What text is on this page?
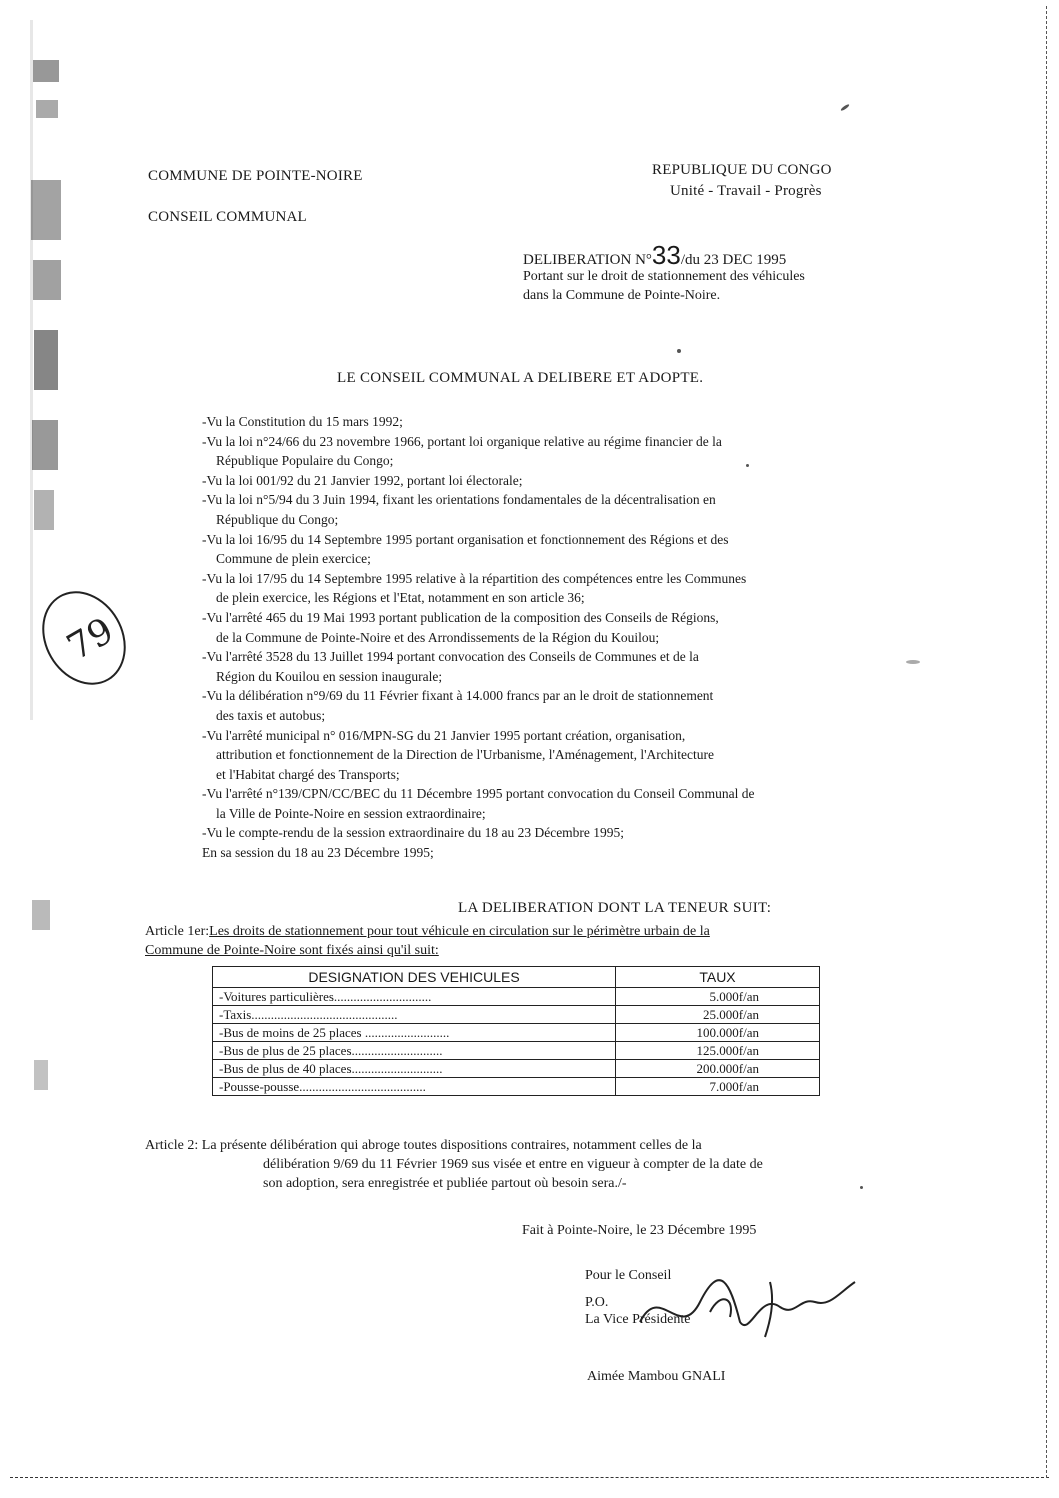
COMMUNE DE POINTE-NOIRE
CONSEIL COMMUNAL
REPUBLIQUE DU CONGO
Unité - Travail - Progrès
DELIBERATION N°33/du 23 DEC 1995
Portant sur le droit de stationnement des véhicules
dans la Commune de Pointe-Noire.
79
LE CONSEIL COMMUNAL A DELIBERE ET ADOPTE.

-Vu la Constitution du 15 mars 1992;

-Vu la loi n°24/66 du 23 novembre 1966, portant loi organique relative au régime financier de la

République Populaire du Congo;

-Vu la loi 001/92 du 21 Janvier 1992, portant loi électorale;

-Vu la loi n°5/94 du 3 Juin 1994, fixant les orientations fondamentales de la décentralisation en

République du Congo;

-Vu la loi 16/95 du 14 Septembre 1995 portant organisation et fonctionnement des Régions et des

Commune de plein exercice;

-Vu la loi 17/95 du 14 Septembre 1995 relative à la répartition des compétences entre les Communes

de plein exercice, les Régions et l'Etat, notamment en son article 36;

-Vu l'arrêté 465 du 19 Mai 1993 portant publication de la composition des Conseils de Régions,

de la Commune de Pointe-Noire et des Arrondissements de la Région du Kouilou;

-Vu l'arrêté 3528 du 13 Juillet 1994 portant convocation des Conseils de Communes et de la

Région du Kouilou en session inaugurale;

-Vu la délibération n°9/69 du 11 Février fixant à 14.000 francs par an le droit de stationnement

des taxis et autobus;

-Vu l'arrêté municipal n° 016/MPN-SG du 21 Janvier 1995 portant création, organisation,

attribution et fonctionnement de la Direction de l'Urbanisme, l'Aménagement, l'Architecture

et l'Habitat chargé des Transports;

-Vu l'arrêté n°139/CPN/CC/BEC du 11 Décembre 1995 portant convocation du Conseil Communal de

la Ville de Pointe-Noire en session extraordinaire;

-Vu le compte-rendu de la session extraordinaire du 18 au 23 Décembre 1995;

En sa session du 18 au 23 Décembre 1995;

LA DELIBERATION DONT LA TENEUR SUIT:
Article 1er:Les droits de stationnement pour tout véhicule en circulation sur le périmètre urbain de la
Commune de Pointe-Noire sont fixés ainsi qu'il suit:
DESIGNATION DES VEHICULES	TAUX
-Voitures particulières..............................	5.000f/an
-Taxis.............................................	25.000f/an
-Bus de moins de 25 places ..........................	100.000f/an
-Bus de plus de 25 places............................	125.000f/an
-Bus de plus de 40 places............................	200.000f/an
-Pousse-pousse.......................................	7.000f/an
Article 2: La présente délibération qui abroge toutes dispositions contraires, notamment celles de la
délibération 9/69 du 11 Février 1969 sus visée et entre en vigueur à compter de la date de
son adoption, sera enregistrée et publiée partout où besoin sera./-
Fait à Pointe-Noire, le 23 Décembre 1995
Pour le Conseil
P.O.
La Vice Présidente
Aimée Mambou GNALI
